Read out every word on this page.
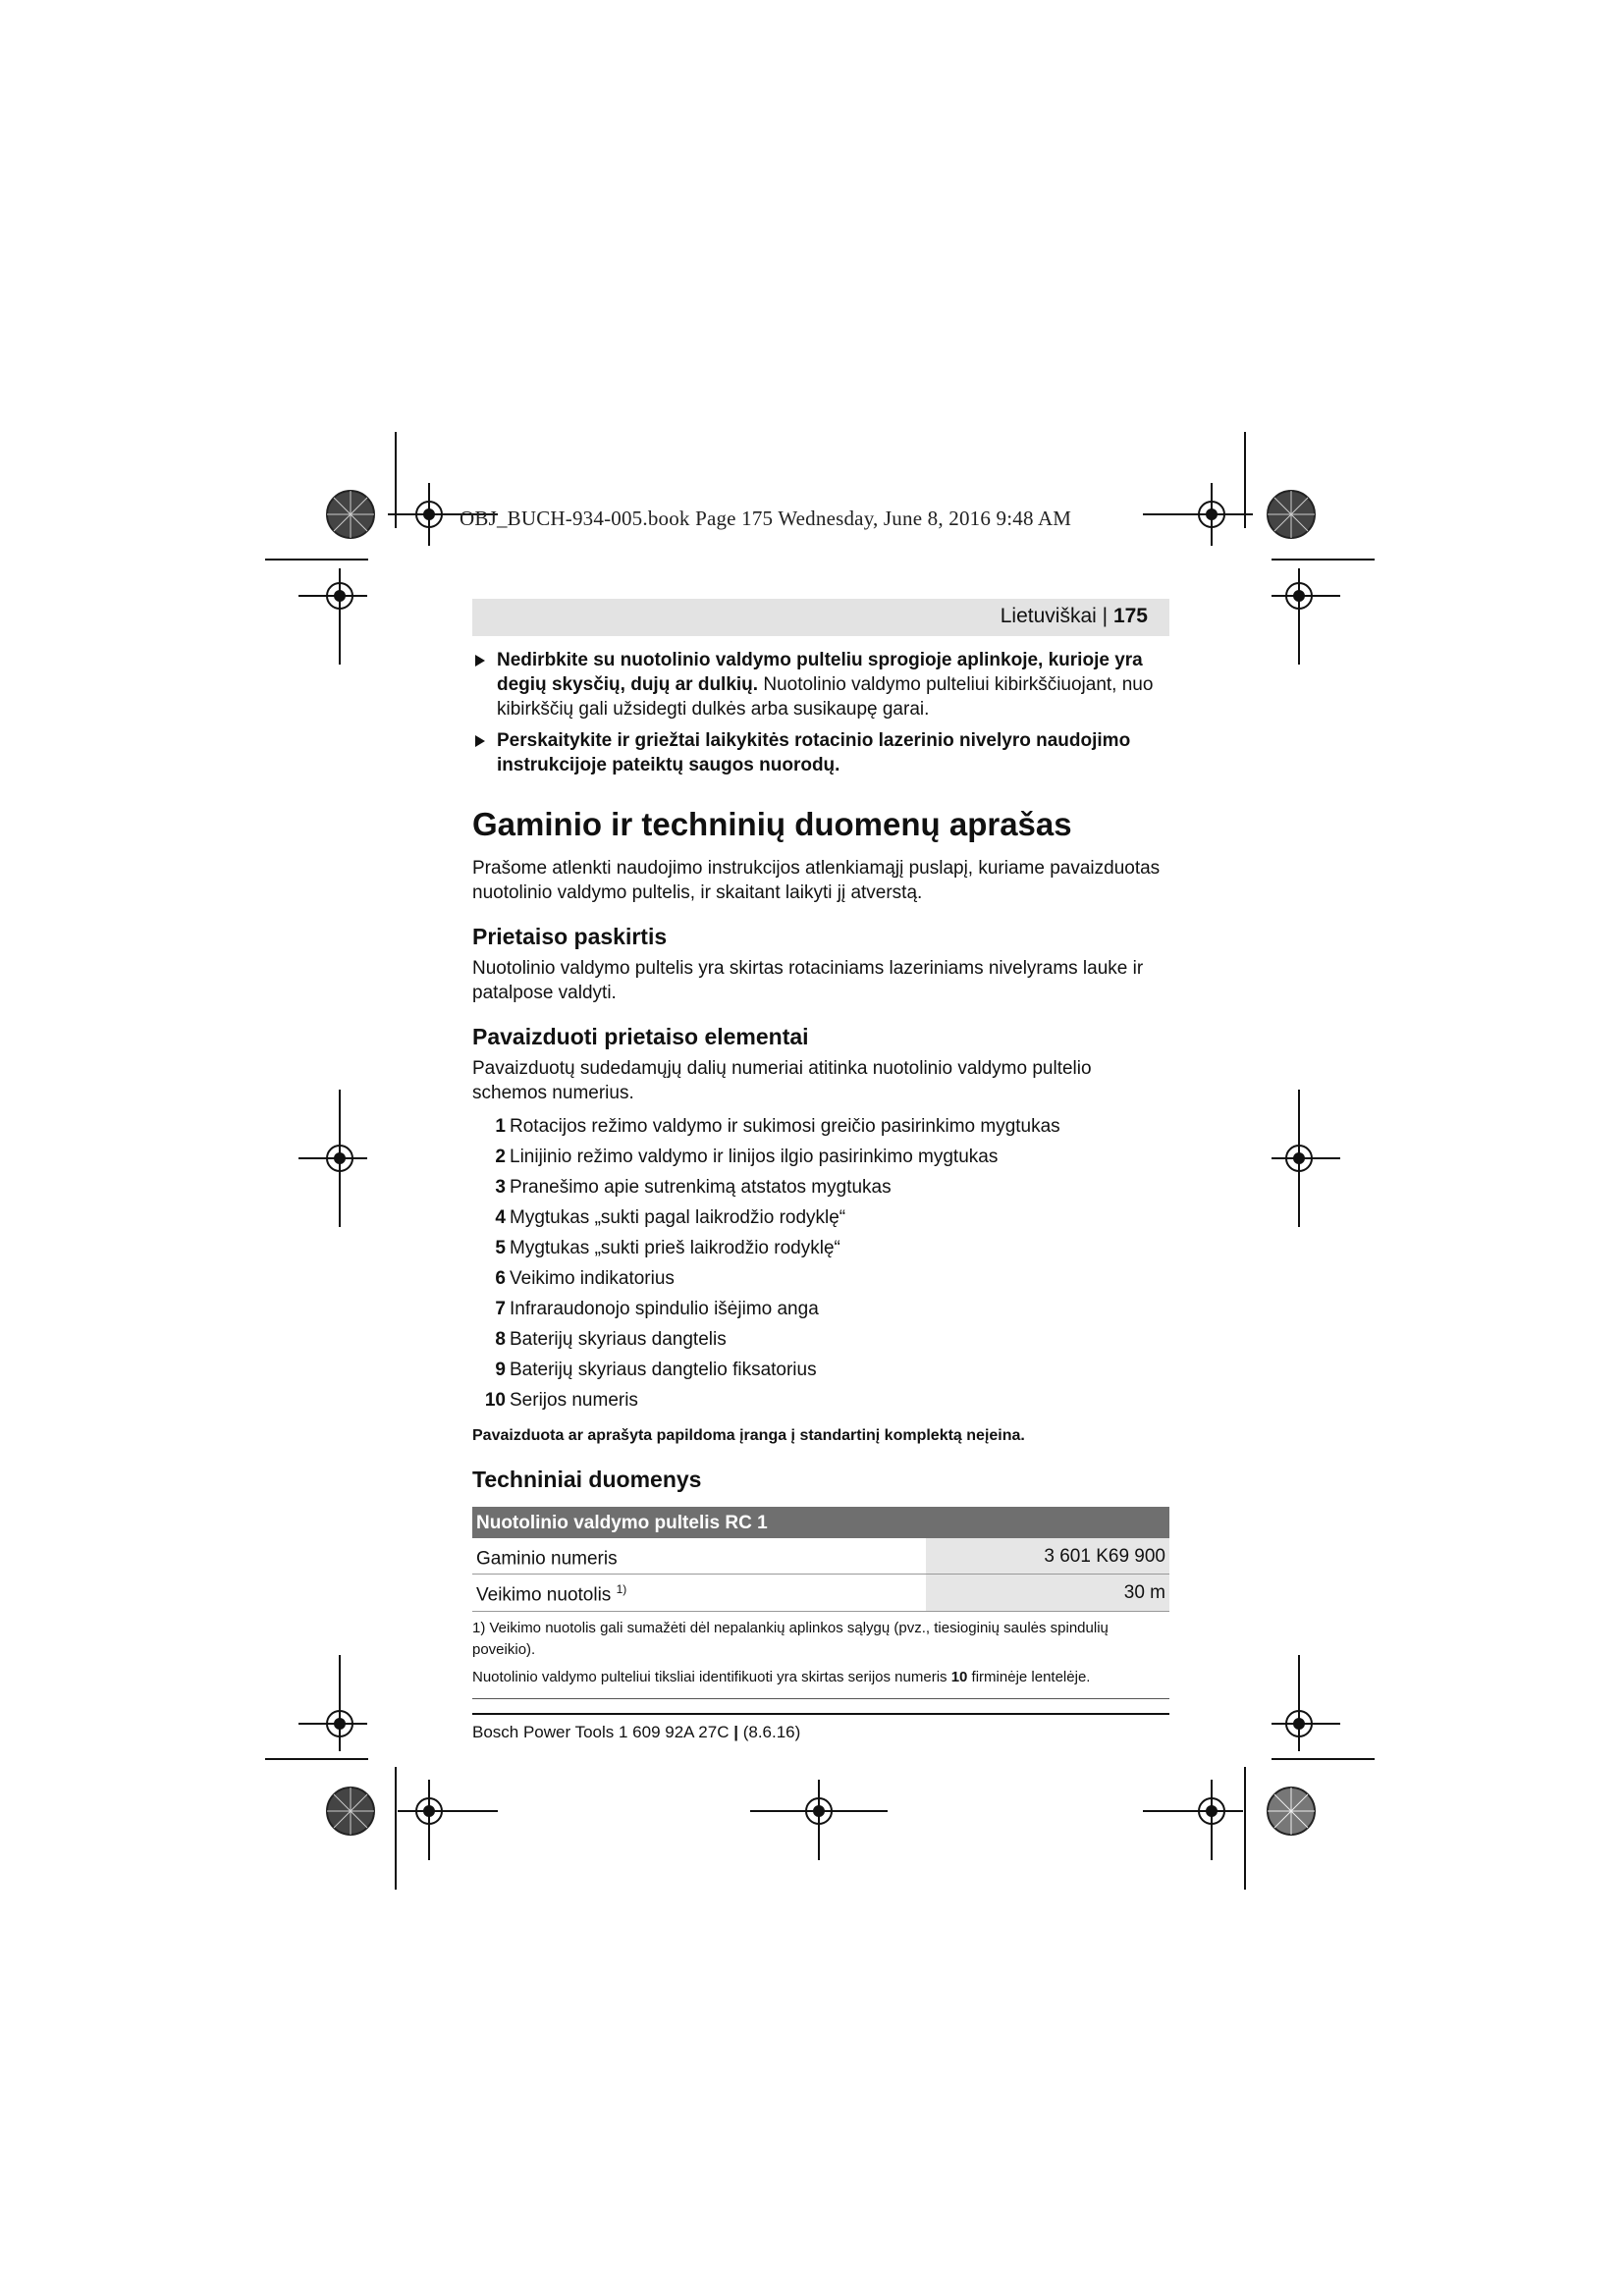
OBJ_BUCH-934-005.book Page 175 Wednesday, June 8, 2016 9:48 AM
Lietuviškai | 175
Nedirbkite su nuotolinio valdymo pulteliu sprogioje aplinkoje, kurioje yra degių skysčių, dujų ar dulkių. Nuotolinio valdymo pulteliui kibirkščiuojant, nuo kibirkščių gali užsidegti dulkės arba susikaupę garai.
Perskaitykite ir griežtai laikykitės rotacinio lazerinio nivelyro naudojimo instrukcijoje pateiktų saugos nuorodų.
Gaminio ir techninių duomenų aprašas

Prašome atlenkti naudojimo instrukcijos atlenkiamąjį puslapį, kuriame pavaizduotas nuotolinio valdymo pultelis, ir skaitant laikyti jį atverstą.

Prietaiso paskirtis

Nuotolinio valdymo pultelis yra skirtas rotaciniams lazeriniams nivelyrams lauke ir patalpose valdyti.

Pavaizduoti prietaiso elementai

Pavaizduotų sudedamųjų dalių numeriai atitinka nuotolinio valdymo pultelio schemos numerius.

1 Rotacijos režimo valdymo ir sukimosi greičio pasirinkimo mygtukas
2 Linijinio režimo valdymo ir linijos ilgio pasirinkimo mygtukas
3 Pranešimo apie sutrenkimą atstatos mygtukas
4 Mygtukas „sukti pagal laikrodžio rodyklę“
5 Mygtukas „sukti prieš laikrodžio rodyklę“
6 Veikimo indikatorius
7 Infraraudonojo spindulio išėjimo anga
8 Baterijų skyriaus dangtelis
9 Baterijų skyriaus dangtelio fiksatorius
10 Serijos numeris

Pavaizduota ar aprašyta papildoma įranga į standartinį komplektą neįeina.

Techniniai duomenys
Nuotolinio valdymo pultelis RC 1	
Gaminio numeris	3 601 K69 900
Veikimo nuotolis $^{1)}$	30 m
1) Veikimo nuotolis gali sumažėti dėl nepalankių aplinkos sąlygų (pvz., tiesioginių saulės spindulių poveikio).
Nuotolinio valdymo pulteliui tiksliai identifikuoti yra skirtas serijos numeris 10 firminėje lentelėje.
Bosch Power Tools 1 609 92A 27C | (8.6.16)
